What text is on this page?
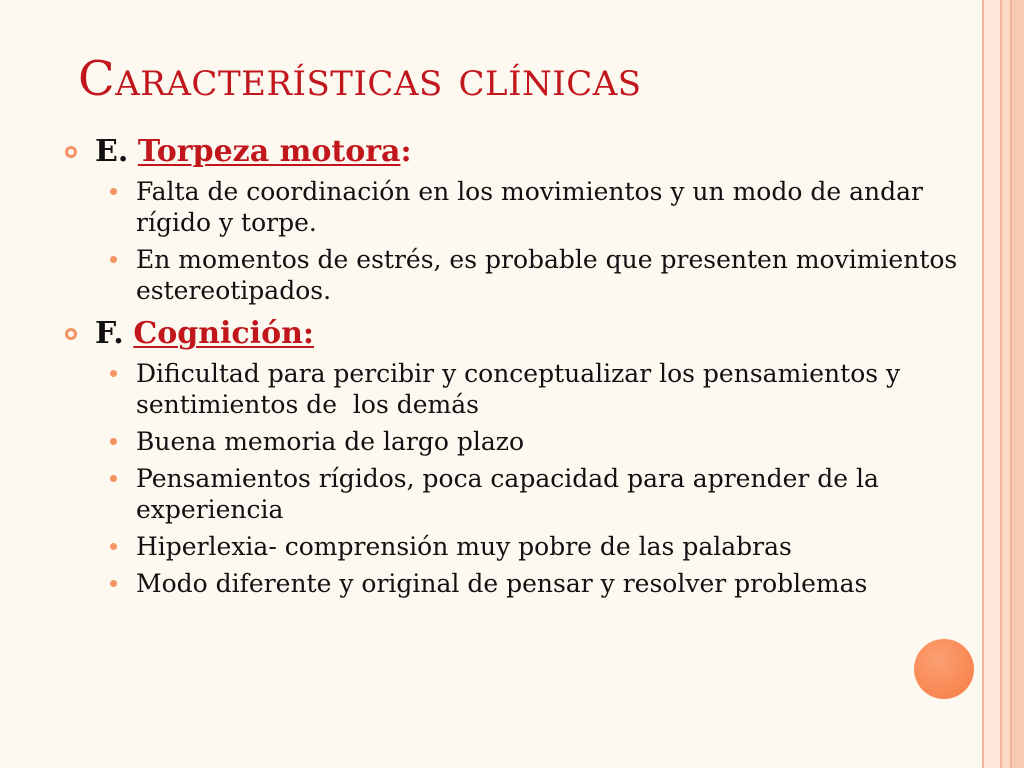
Características clínicas
E. Torpeza motora:
Falta de coordinación en los movimientos y un modo de andar rígido y torpe.
En momentos de estrés, es probable que presenten movimientos estereotipados.
F. Cognición:
Dificultad para percibir y conceptualizar los pensamientos y sentimientos de  los demás
Buena memoria de largo plazo
Pensamientos rígidos, poca capacidad para aprender de la experiencia
Hiperlexia- comprensión muy pobre de las palabras
Modo diferente y original de pensar y resolver problemas
